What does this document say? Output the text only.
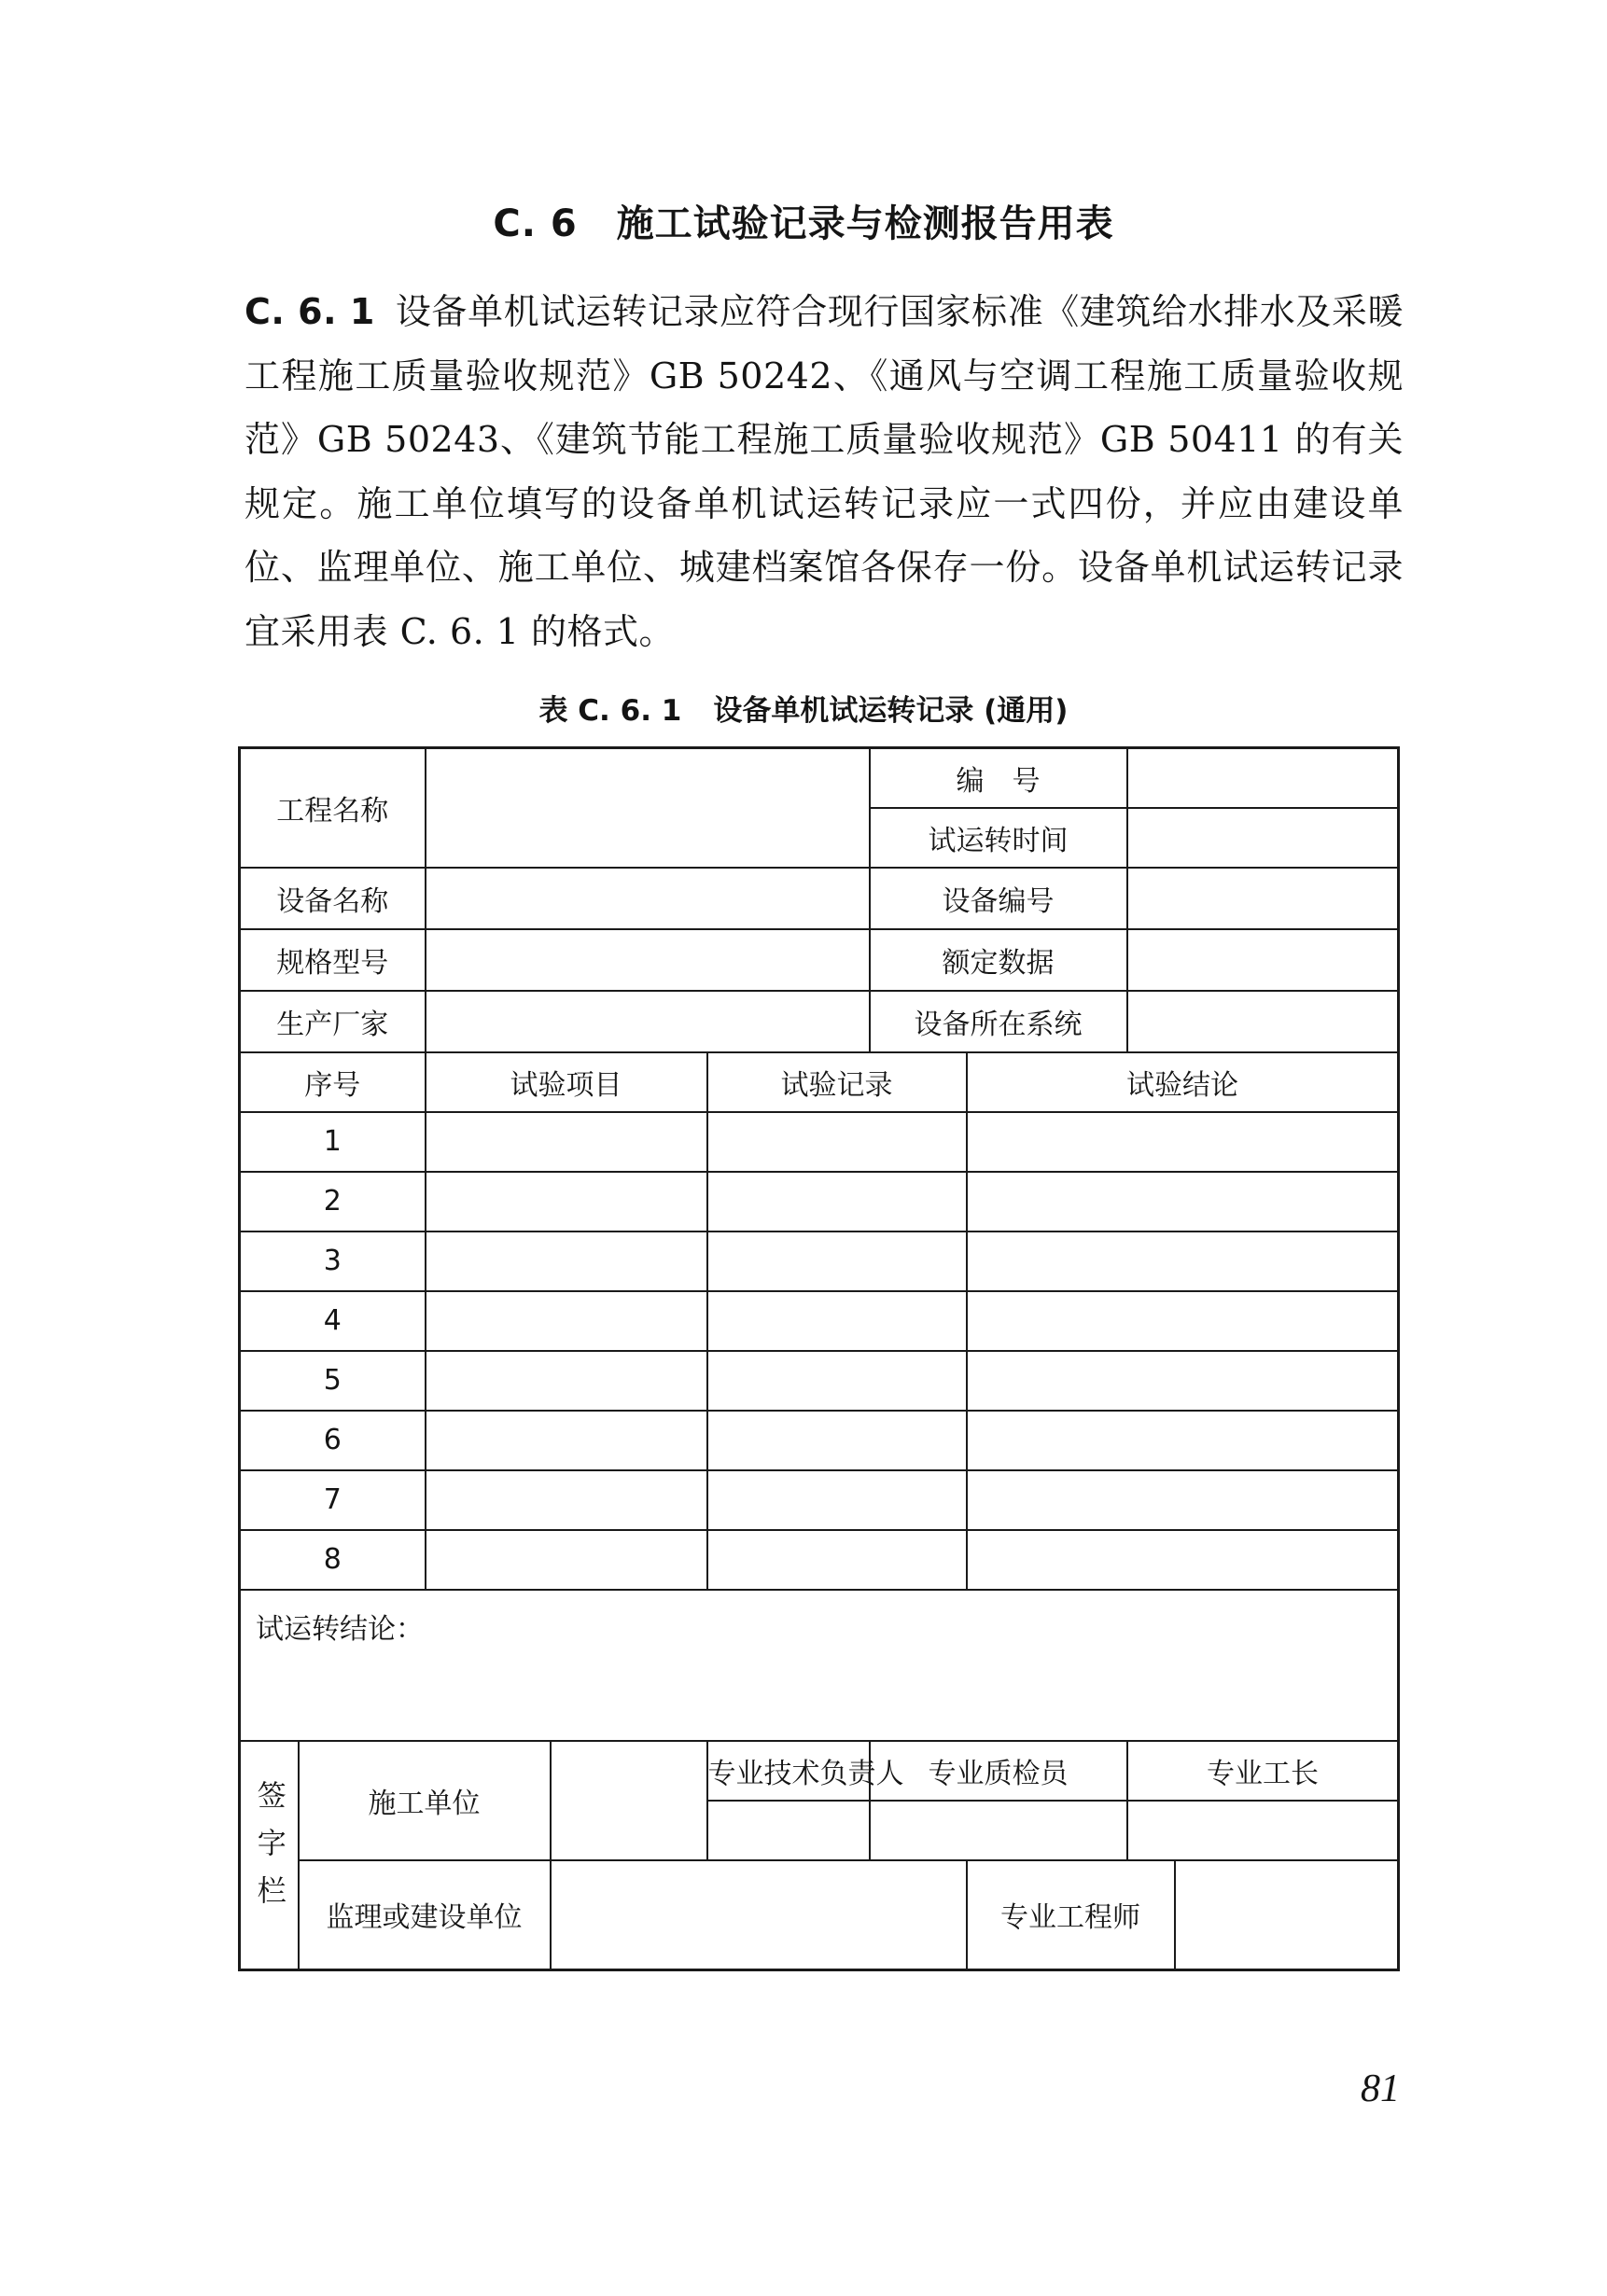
C. 6 施工试验记录与检测报告用表
C. 6. 1 设备单机试运转记录应符合现行国家标准《建筑给水排水及采暖工程施工质量验收规范》GB 50242、《通风与空调工程施工质量验收规范》GB 50243、《建筑节能工程施工质量验收规范》GB 50411 的有关规定。施工单位填写的设备单机试运转记录应一式四份，并应由建设单位、监理单位、施工单位、城建档案馆各保存一份。设备单机试运转记录宜采用表 C. 6. 1 的格式。
表 C. 6. 1 设备单机试运转记录 (通用)
工程名称					编　号			
					试运转时间			
设备名称					设备编号			
规格型号					额定数据			
生产厂家					设备所在系统			
序号		试验项目		试验记录		试验结论		
1								
2								
3								
4								
5								
6								
7								
8								

试运转结论：								

签字栏	施工单位			专业技术负责人	专业质检员		专业工长	

	监理或建设单位					专业工程师		
81
